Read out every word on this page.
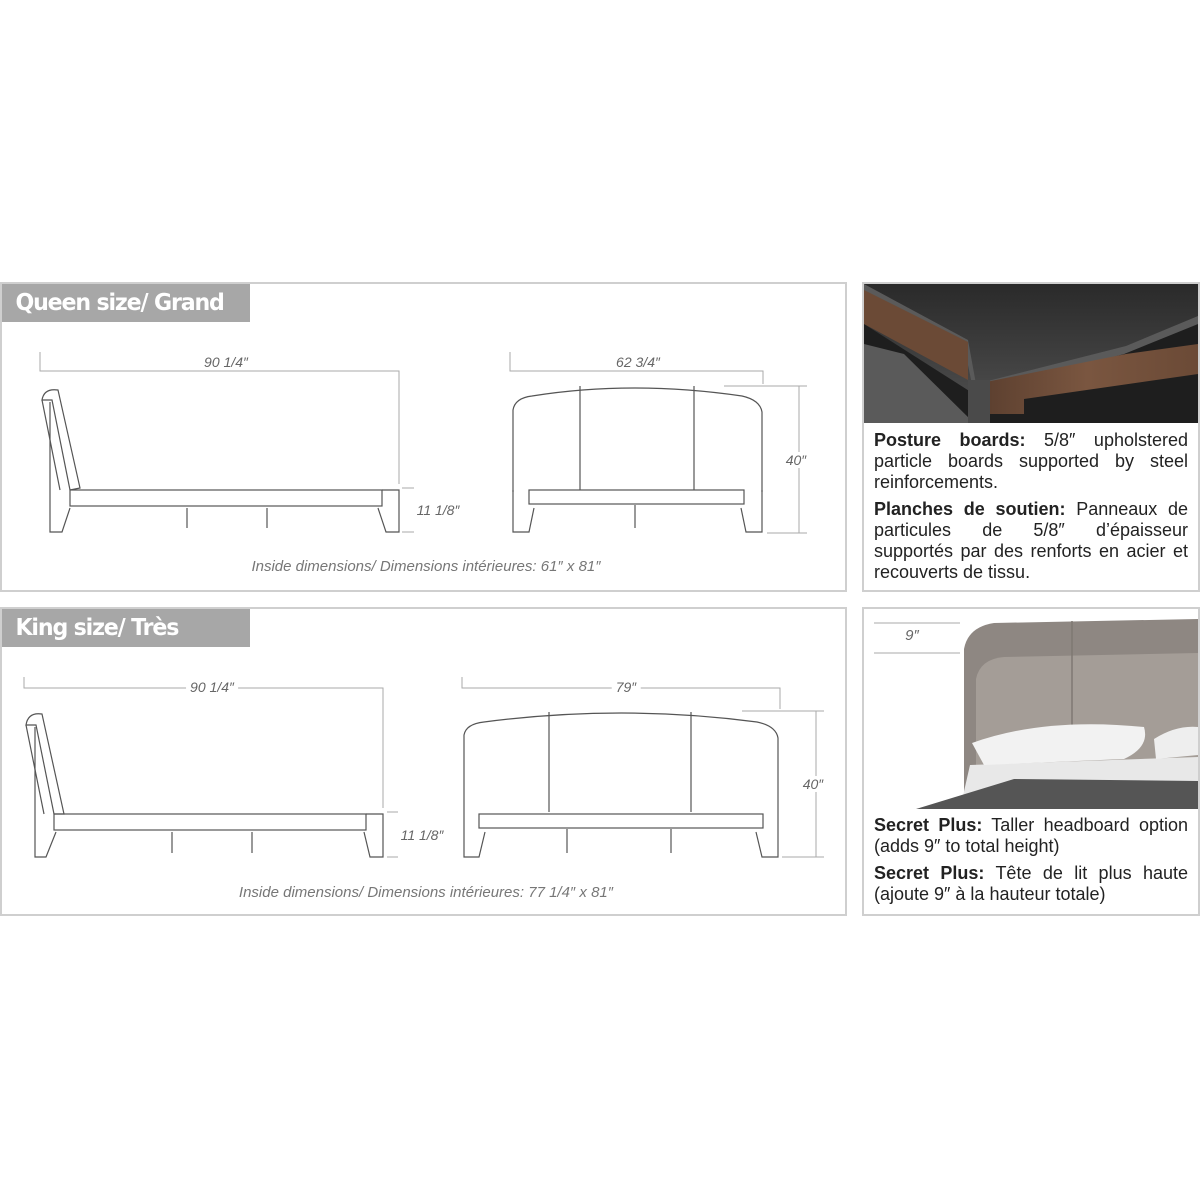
Queen size/ Grand lit
90 1/4″
11 1/8″
62 3/4″
40″
Inside dimensions/ Dimensions intérieures: 61″ x 81″
King size/ Très grand lit
90 1/4″
11 1/8″
79″
40″
Inside dimensions/ Dimensions intérieures: 77 1/4″ x 81″

Posture boards: 5/8″ upholstered particle boards supported by steel reinforcements.

Planches de soutien: Panneaux de particules de 5/8″ d’épaisseur supportés par des renforts en acier et recouverts de tissu.

9″

Secret Plus: Taller headboard option (adds 9″ to total height)

Secret Plus: Tête de lit plus haute (ajoute 9″ à la hauteur totale)
